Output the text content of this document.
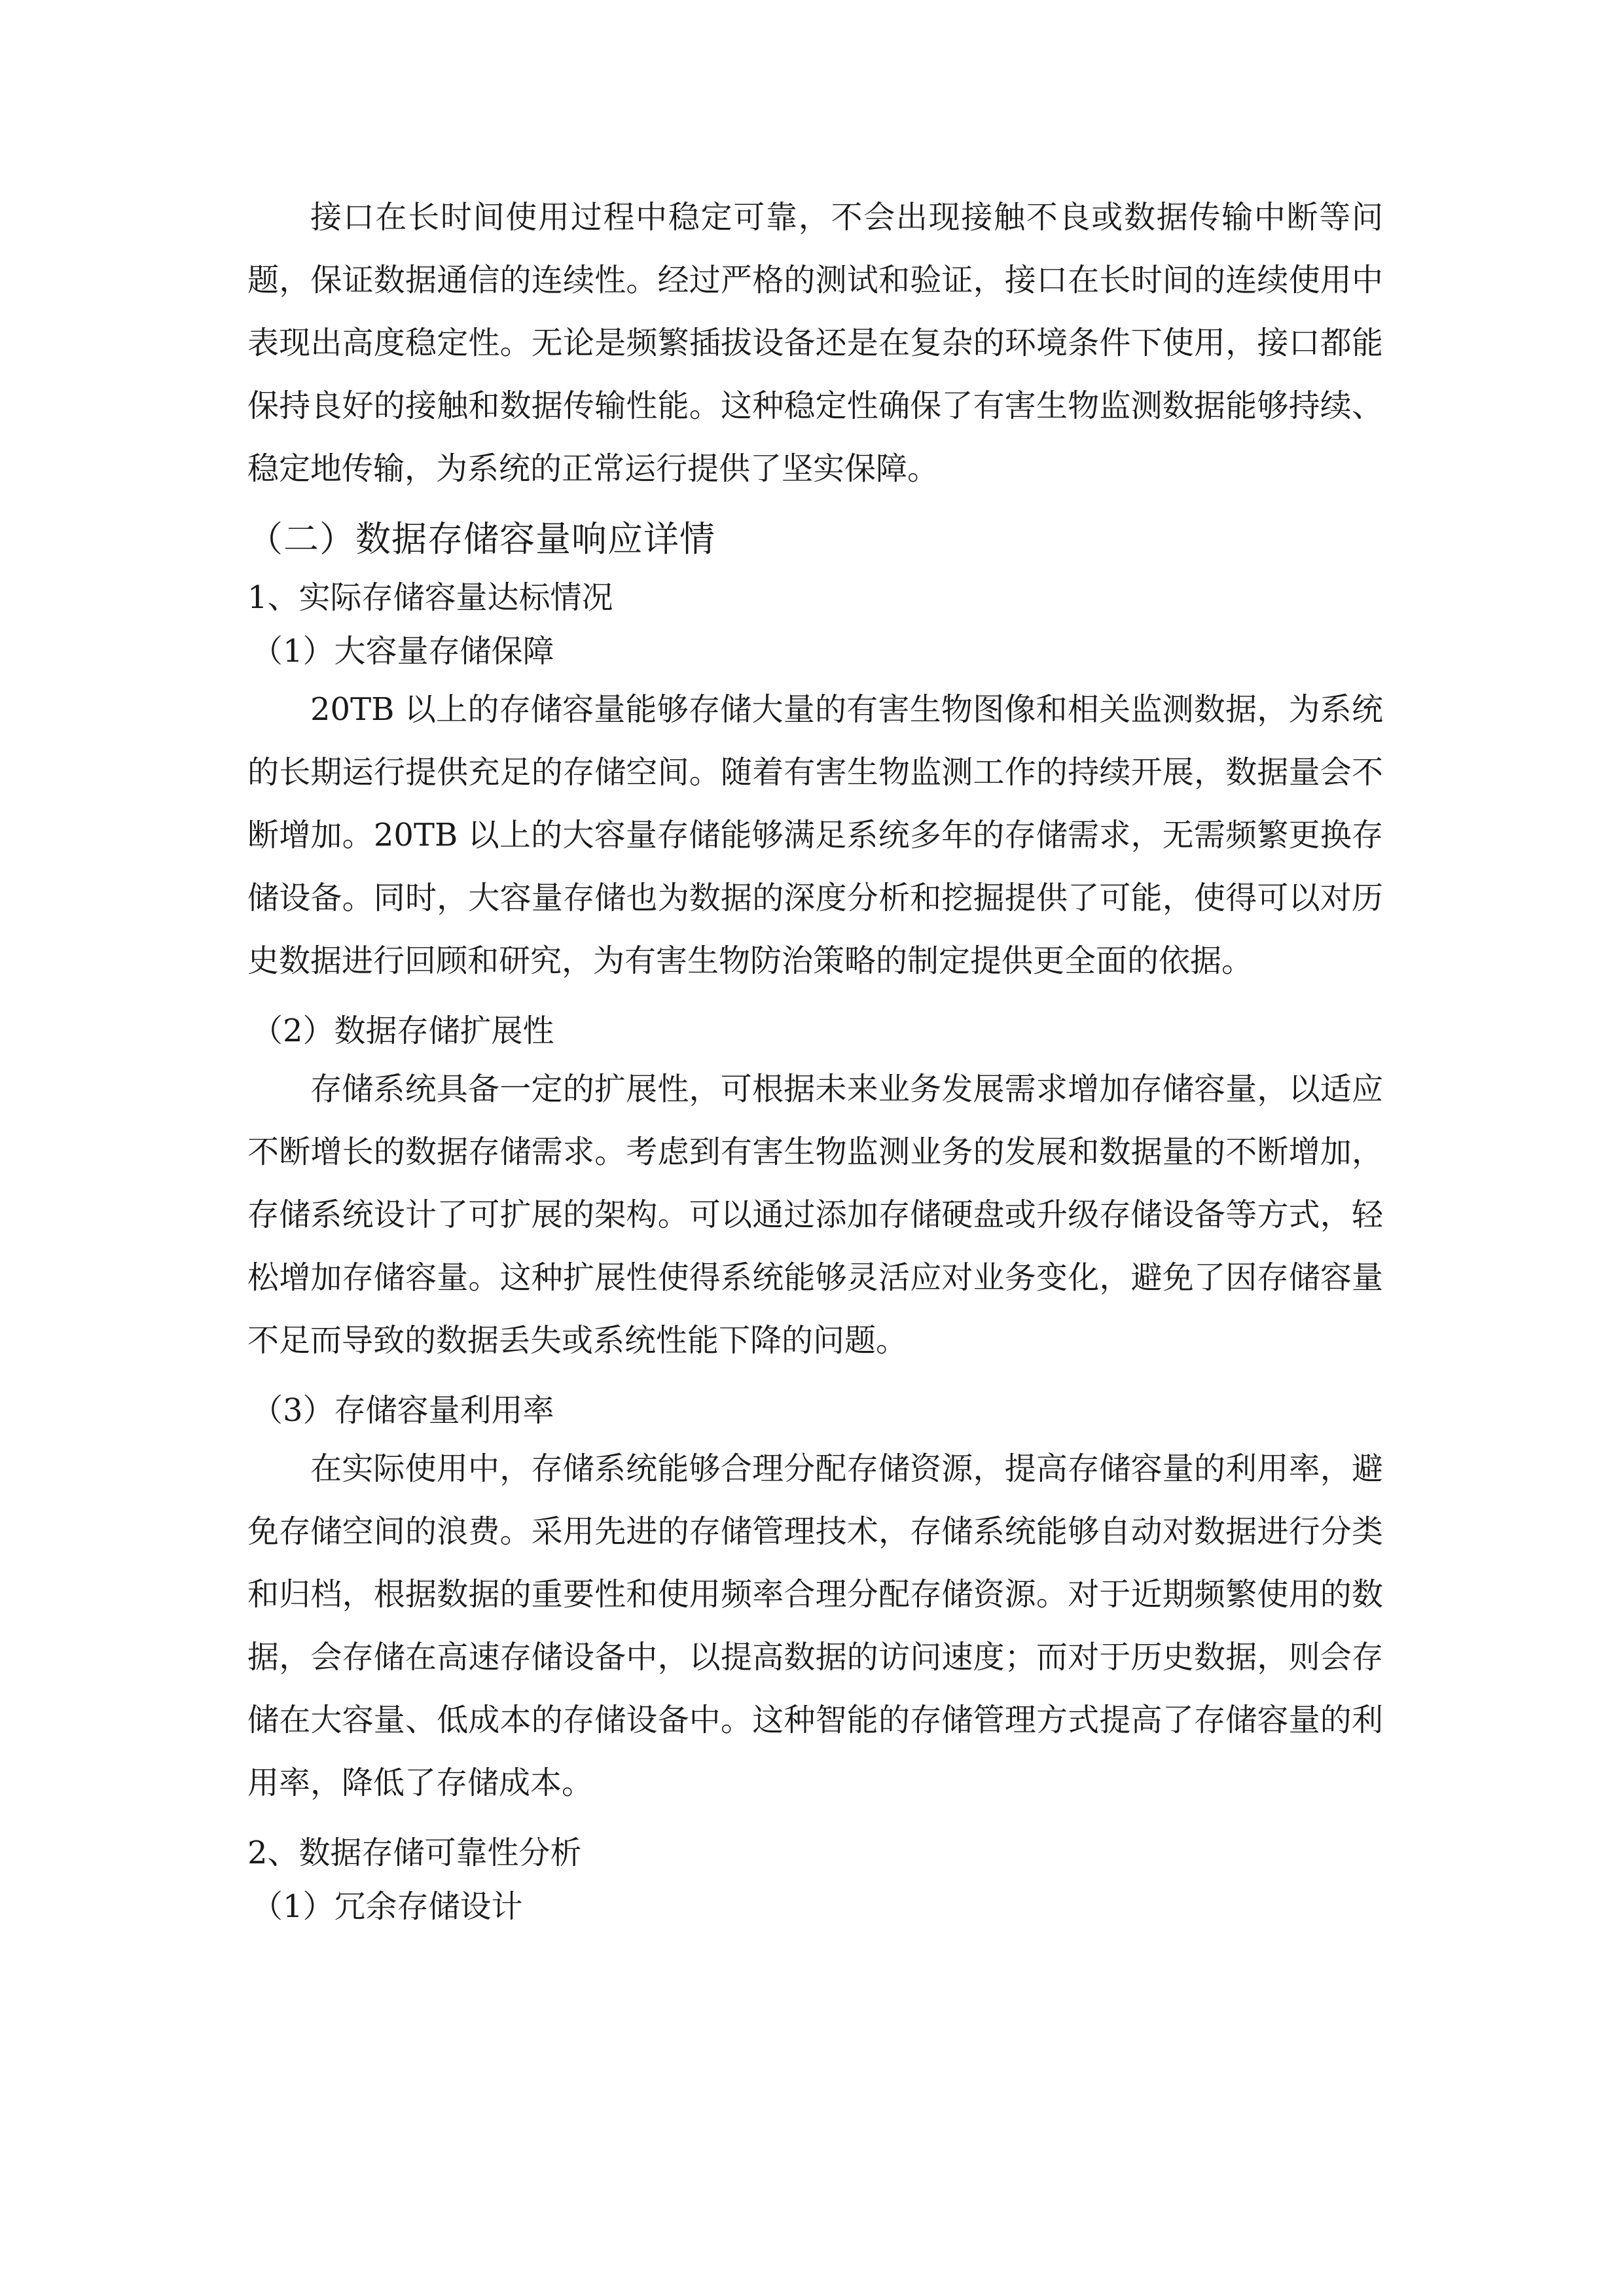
接口在长时间使用过程中稳定可靠，不会出现接触不良或数据传输中断等问题，保证数据通信的连续性。经过严格的测试和验证，接口在长时间的连续使用中表现出高度稳定性。无论是频繁插拔设备还是在复杂的环境条件下使用，接口都能保持良好的接触和数据传输性能。这种稳定性确保了有害生物监测数据能够持续、稳定地传输，为系统的正常运行提供了坚实保障。

（二）数据存储容量响应详情
1、实际存储容量达标情况
（1）大容量存储保障

20TB 以上的存储容量能够存储大量的有害生物图像和相关监测数据，为系统的长期运行提供充足的存储空间。随着有害生物监测工作的持续开展，数据量会不断增加。20TB 以上的大容量存储能够满足系统多年的存储需求，无需频繁更换存储设备。同时，大容量存储也为数据的深度分析和挖掘提供了可能，使得可以对历史数据进行回顾和研究，为有害生物防治策略的制定提供更全面的依据。

（2）数据存储扩展性

存储系统具备一定的扩展性，可根据未来业务发展需求增加存储容量，以适应不断增长的数据存储需求。考虑到有害生物监测业务的发展和数据量的不断增加，存储系统设计了可扩展的架构。可以通过添加存储硬盘或升级存储设备等方式，轻松增加存储容量。这种扩展性使得系统能够灵活应对业务变化，避免了因存储容量不足而导致的数据丢失或系统性能下降的问题。

（3）存储容量利用率

在实际使用中，存储系统能够合理分配存储资源，提高存储容量的利用率，避免存储空间的浪费。采用先进的存储管理技术，存储系统能够自动对数据进行分类和归档，根据数据的重要性和使用频率合理分配存储资源。对于近期频繁使用的数据，会存储在高速存储设备中，以提高数据的访问速度；而对于历史数据，则会存储在大容量、低成本的存储设备中。这种智能的存储管理方式提高了存储容量的利用率，降低了存储成本。

2、数据存储可靠性分析
（1）冗余存储设计
